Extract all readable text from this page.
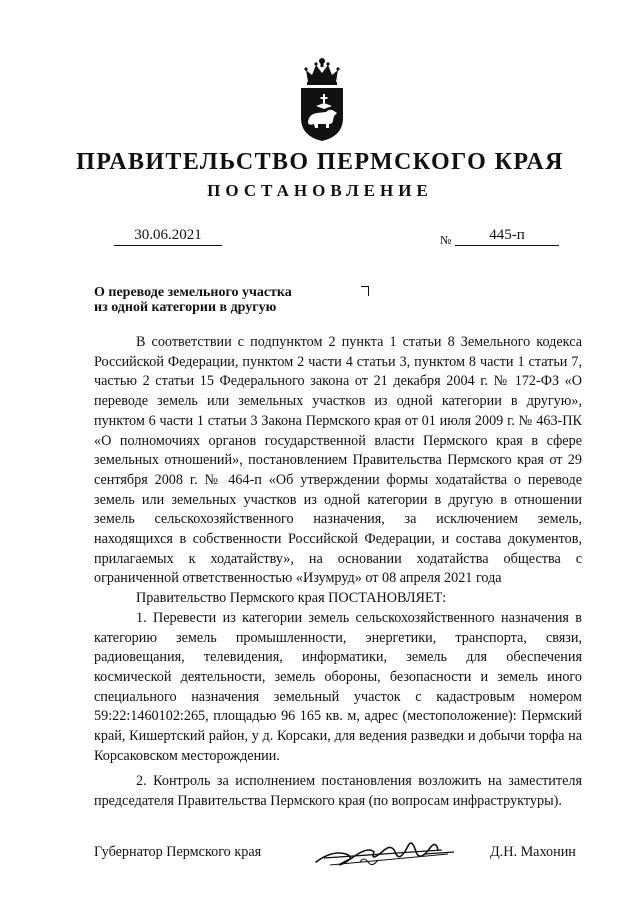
ПРАВИТЕЛЬСТВО ПЕРМСКОГО КРАЯ
ПОСТАНОВЛЕНИЕ
30.06.2021	№	445-п
О переводе земельного участка
из одной категории в другую

В соответствии с подпунктом 2 пункта 1 статьи 8 Земельного кодекса Российской Федерации, пунктом 2 части 4 статьи 3, пунктом 8 части 1 статьи 7, частью 2 статьи 15 Федерального закона от 21 декабря 2004 г. № 172-ФЗ «О переводе земель или земельных участков из одной категории в другую», пунктом 6 части 1 статьи 3 Закона Пермского края от 01 июля 2009 г. № 463-ПК «О полномочиях органов государственной власти Пермского края в сфере земельных отношений», постановлением Правительства Пермского края от 29 сентября 2008 г. № 464-п «Об утверждении формы ходатайства о переводе земель или земельных участков из одной категории в другую в отношении земель сельскохозяйственного назначения, за исключением земель, находящихся в собственности Российской Федерации, и состава документов, прилагаемых к ходатайству», на основании ходатайства общества с ограниченной ответственностью «Изумруд» от 08 апреля 2021 года

Правительство Пермского края ПОСТАНОВЛЯЕТ:

1. Перевести из категории земель сельскохозяйственного назначения в категорию земель промышленности, энергетики, транспорта, связи, радиовещания, телевидения, информатики, земель для обеспечения космической деятельности, земель обороны, безопасности и земель иного специального назначения земельный участок с кадастровым номером 59:22:1460102:265, площадью 96 165 кв. м, адрес (местоположение): Пермский край, Кишертский район, у д. Корсаки, для ведения разведки и добычи торфа на Корсаковском месторождении.

2. Контроль за исполнением постановления возложить на заместителя председателя Правительства Пермского края (по вопросам инфраструктуры).

Губернатор Пермского края	Д.Н. Махонин
